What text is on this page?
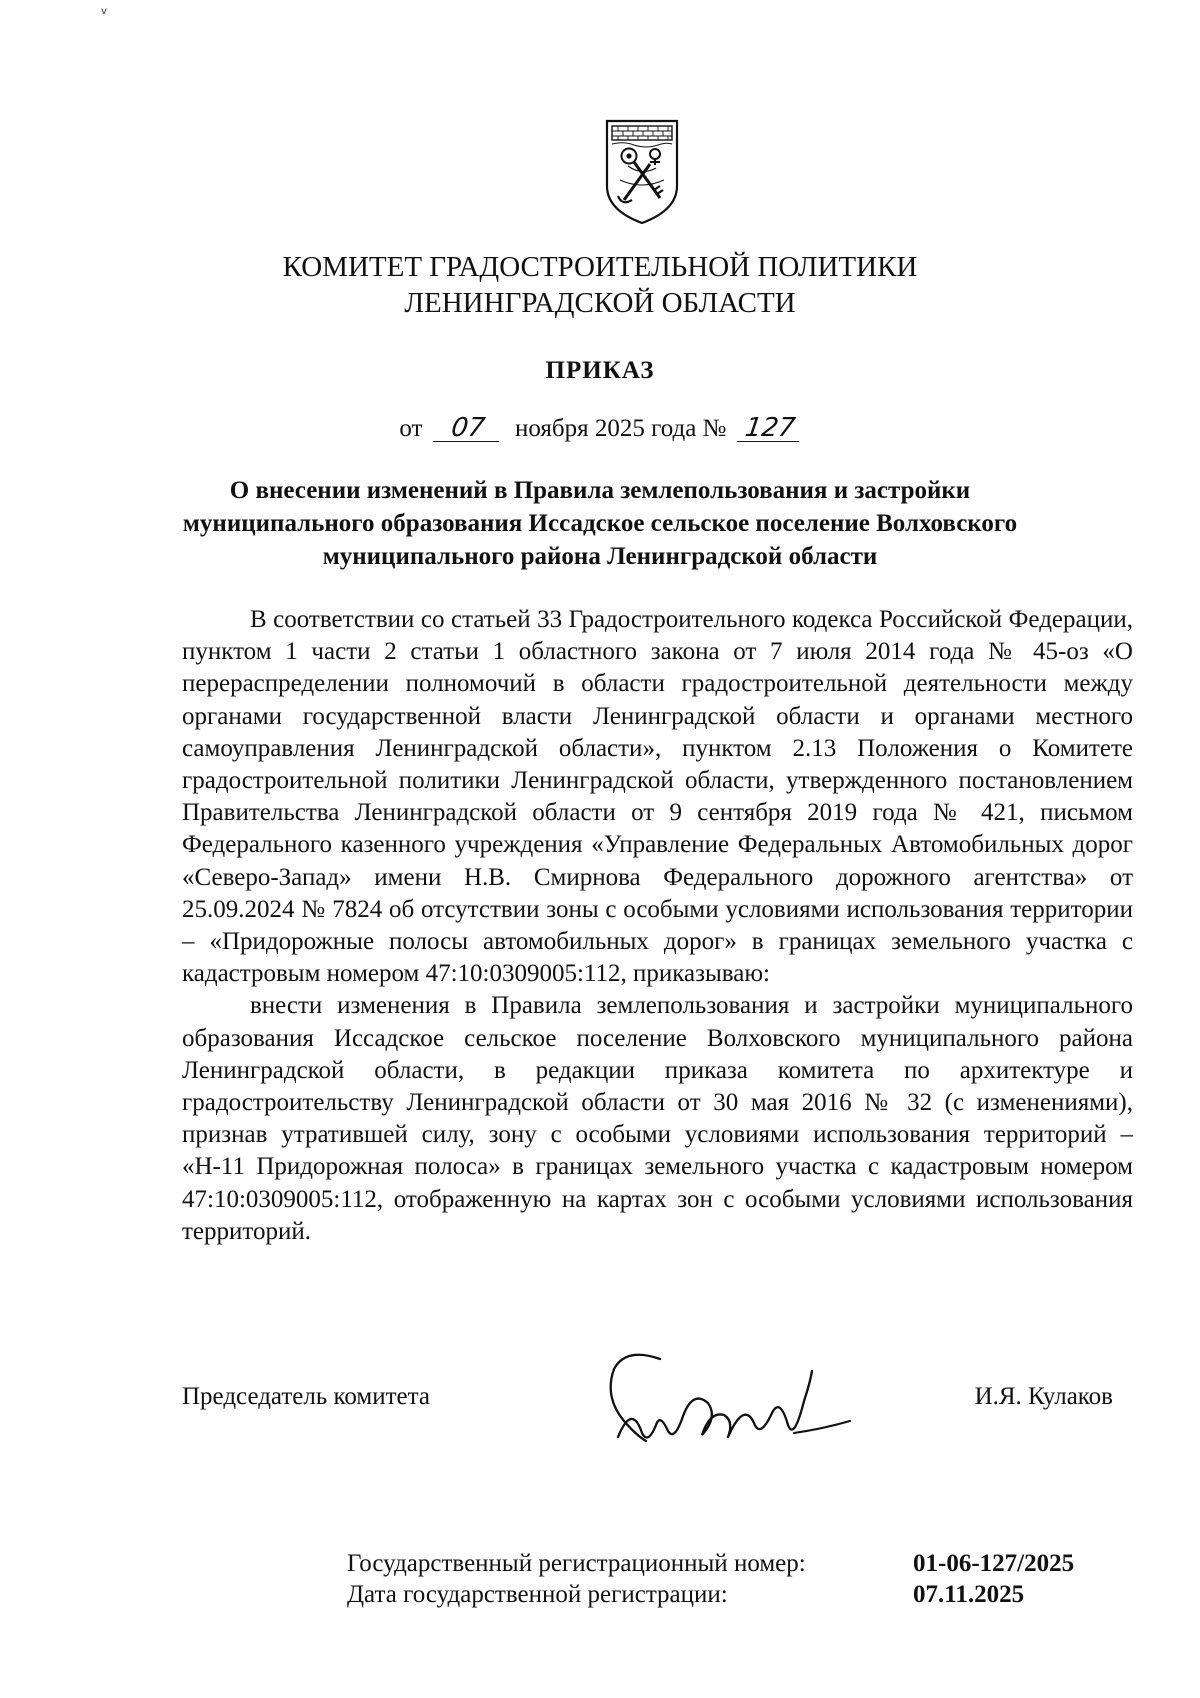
v
КОМИТЕТ ГРАДОСТРОИТЕЛЬНОЙ ПОЛИТИКИ
ЛЕНИНГРАДСКОЙ ОБЛАСТИ
ПРИКАЗ
от 07 ноября 2025 года № 127
О внесении изменений в Правила землепользования и застройки муниципального образования Иссадское сельское поселение Волховского муниципального района Ленинградской области

В соответствии со статьей 33 Градостроительного кодекса Российской Федерации, пунктом 1 части 2 статьи 1 областного закона от 7 июля 2014 года № 45-оз «О перераспределении полномочий в области градостроительной деятельности между органами государственной власти Ленинградской области и органами местного самоуправления Ленинградской области», пунктом 2.13 Положения о Комитете градостроительной политики Ленинградской области, утвержденного постановлением Правительства Ленинградской области от 9 сентября 2019 года № 421, письмом Федерального казенного учреждения «Управление Федеральных Автомобильных дорог «Северо-Запад» имени Н.В. Смирнова Федерального дорожного агентства» от 25.09.2024 № 7824 об отсутствии зоны с особыми условиями использования территории – «Придорожные полосы автомобильных дорог» в границах земельного участка с кадастровым номером 47:10:0309005:112, приказываю:

внести изменения в Правила землепользования и застройки муниципального образования Иссадское сельское поселение Волховского муниципального района Ленинградской области, в редакции приказа комитета по архитектуре и градостроительству Ленинградской области от 30 мая 2016 № 32 (с изменениями), признав утратившей силу, зону с особыми условиями использования территорий – «Н-11 Придорожная полоса» в границах земельного участка с кадастровым номером 47:10:0309005:112, отображенную на картах зон с особыми условиями использования территорий.

Председатель комитета	И.Я. Кулаков
Государственный регистрационный номер:
Дата государственной регистрации:
01-06-127/2025
07.11.2025
